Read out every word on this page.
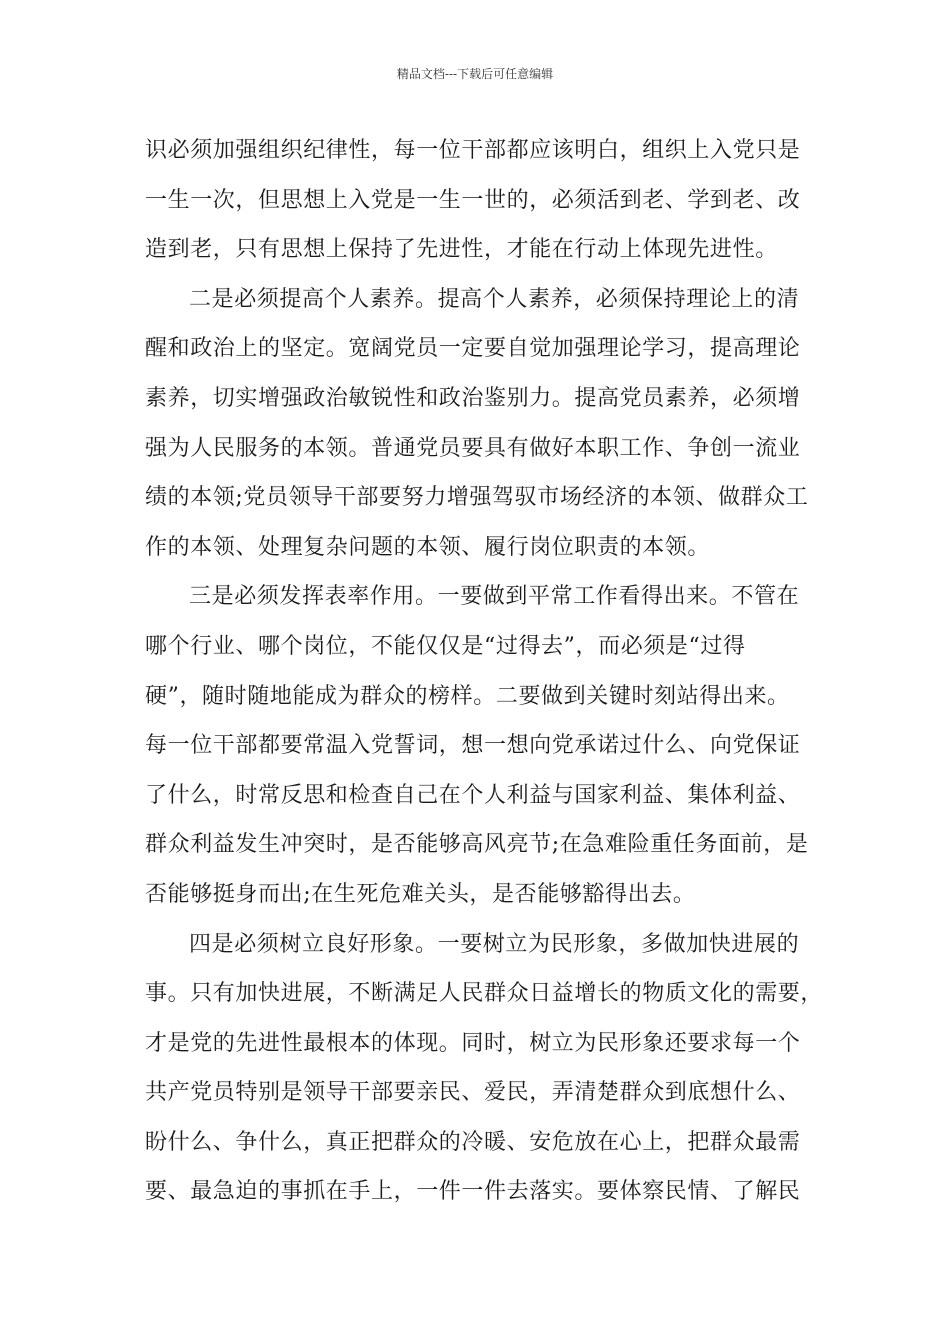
精品文档---下载后可任意编辑
识必须加强组织纪律性，每一位干部都应该明白，组织上入党只是
一生一次，但思想上入党是一生一世的，必须活到老、学到老、改
造到老，只有思想上保持了先进性，才能在行动上体现先进性。
二是必须提高个人素养。提高个人素养，必须保持理论上的清
醒和政治上的坚定。宽阔党员一定要自觉加强理论学习，提高理论
素养，切实增强政治敏锐性和政治鉴别力。提高党员素养，必须增
强为人民服务的本领。普通党员要具有做好本职工作、争创一流业
绩的本领;党员领导干部要努力增强驾驭市场经济的本领、做群众工
作的本领、处理复杂问题的本领、履行岗位职责的本领。
三是必须发挥表率作用。一要做到平常工作看得出来。不管在
哪个行业、哪个岗位，不能仅仅是“过得去”，而必须是“过得
硬”，随时随地能成为群众的榜样。二要做到关键时刻站得出来。
每一位干部都要常温入党誓词，想一想向党承诺过什么、向党保证
了什么，时常反思和检查自己在个人利益与国家利益、集体利益、
群众利益发生冲突时，是否能够高风亮节;在急难险重任务面前，是
否能够挺身而出;在生死危难关头，是否能够豁得出去。
四是必须树立良好形象。一要树立为民形象，多做加快进展的
事。只有加快进展，不断满足人民群众日益增长的物质文化的需要，
才是党的先进性最根本的体现。同时，树立为民形象还要求每一个
共产党员特别是领导干部要亲民、爱民，弄清楚群众到底想什么、
盼什么、争什么，真正把群众的冷暖、安危放在心上，把群众最需
要、最急迫的事抓在手上，一件一件去落实。要体察民情、了解民
